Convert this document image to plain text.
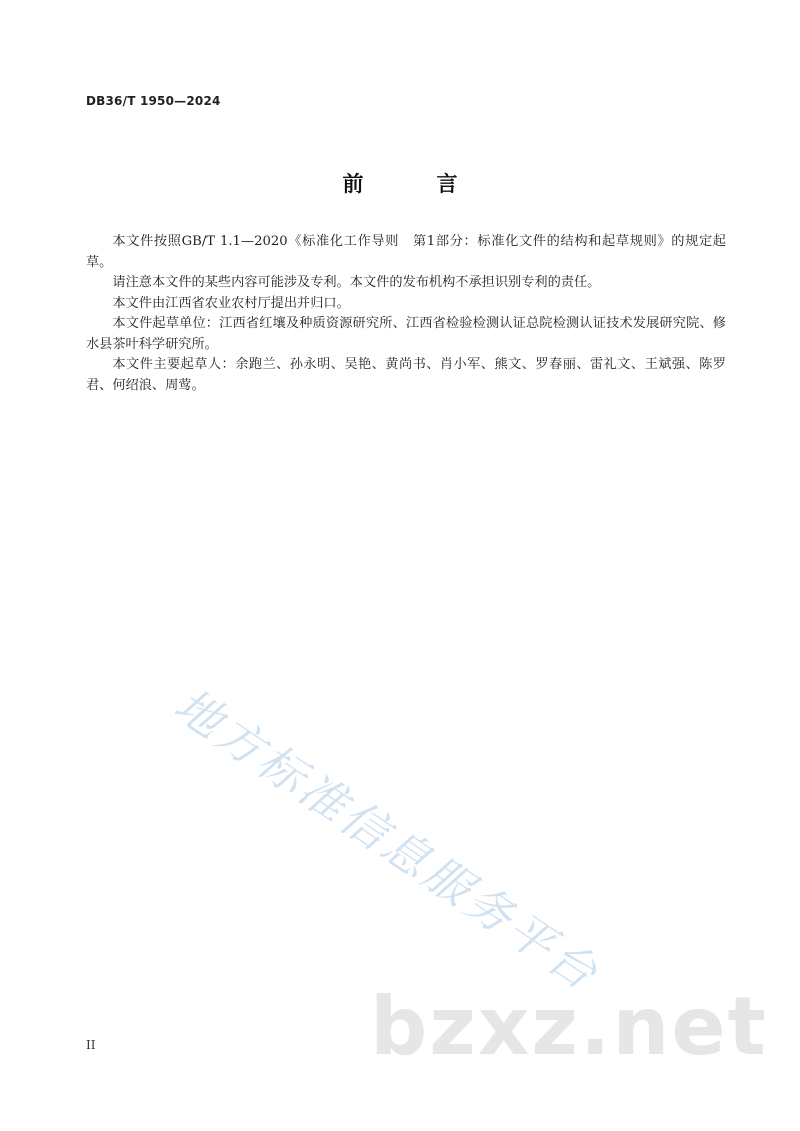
DB36/T 1950—2024
前　言

本文件按照GB/T 1.1—2020《标准化工作导则　第1部分：标准化文件的结构和起草规则》的规定起草。

请注意本文件的某些内容可能涉及专利。本文件的发布机构不承担识别专利的责任。

本文件由江西省农业农村厅提出并归口。

本文件起草单位：江西省红壤及种质资源研究所、江西省检验检测认证总院检测认证技术发展研究院、修水县茶叶科学研究所。

本文件主要起草人：余跑兰、孙永明、吴艳、黄尚书、肖小军、熊文、罗春丽、雷礼文、王斌强、陈罗君、何绍浪、周莺。

地方标准信息服务平台
bzxz.net
II
